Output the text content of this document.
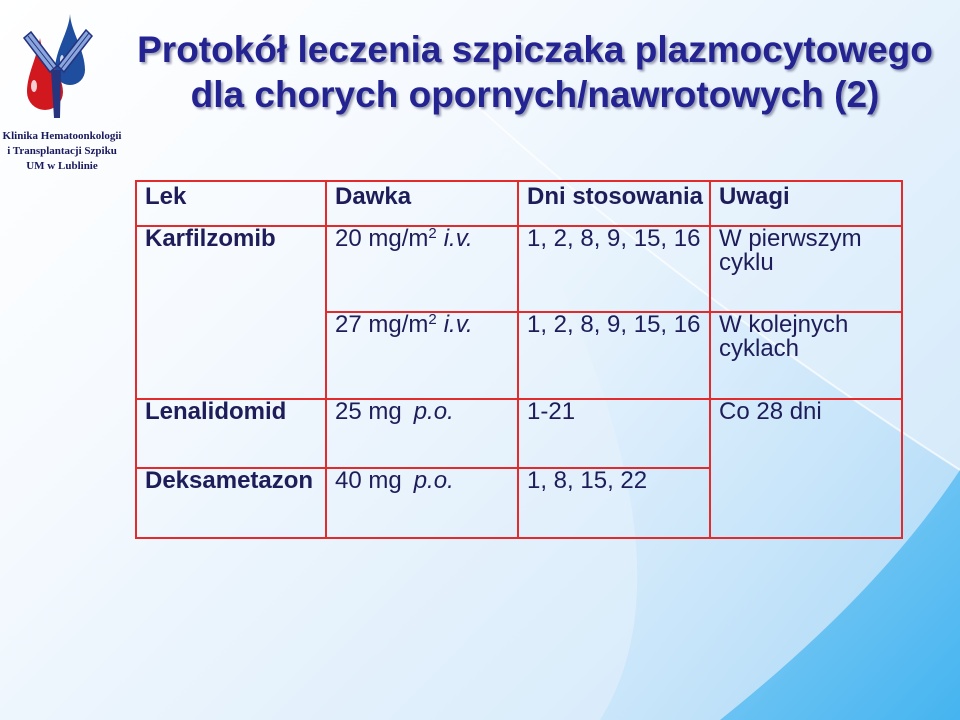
Klinika Hematoonkologii
i Transplantacji Szpiku
UM w Lublinie
Protokół leczenia szpiczaka plazmocytowego
dla chorych opornych/nawrotowych (2)
Lek	Dawka	Dni stosowania	Uwagi
Karfilzomib	20 $mg/m^2$ i.v.	1, 2, 8, 9, 15, 16	W pierwszym cyklu
	27 $mg/m^2$ i.v.	1, 2, 8, 9, 15, 16	W kolejnych cyklach
Lenalidomid	25 mg p.o.	1-21	Co 28 dni
Deksametazon	40 mg p.o.	1, 8, 15, 22	
